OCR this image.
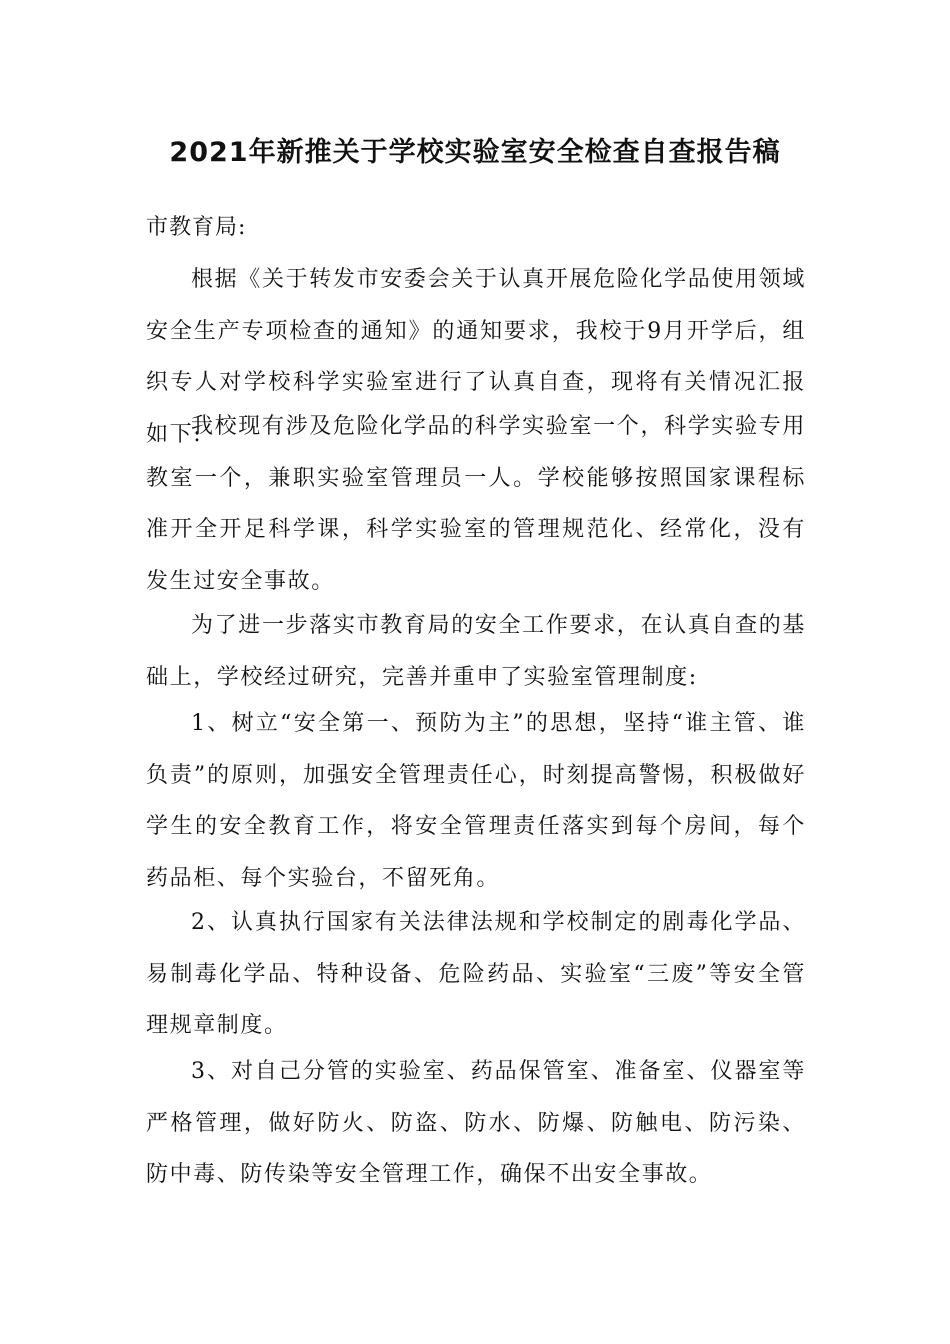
2021年新推关于学校实验室安全检查自查报告稿
市教育局:

根据《关于转发市安委会关于认真开展危险化学品使用领域安全生产专项检查的通知》的通知要求，我校于9月开学后，组织专人对学校科学实验室进行了认真自查，现将有关情况汇报如下:

我校现有涉及危险化学品的科学实验室一个，科学实验专用教室一个，兼职实验室管理员一人。学校能够按照国家课程标准开全开足科学课，科学实验室的管理规范化、经常化，没有发生过安全事故。

为了进一步落实市教育局的安全工作要求，在认真自查的基础上，学校经过研究，完善并重申了实验室管理制度:

1、树立“安全第一、预防为主”的思想，坚持“谁主管、谁负责”的原则，加强安全管理责任心，时刻提高警惕，积极做好学生的安全教育工作，将安全管理责任落实到每个房间，每个药品柜、每个实验台，不留死角。

2、认真执行国家有关法律法规和学校制定的剧毒化学品、易制毒化学品、特种设备、危险药品、实验室“三废”等安全管理规章制度。

3、对自己分管的实验室、药品保管室、准备室、仪器室等严格管理，做好防火、防盗、防水、防爆、防触电、防污染、防中毒、防传染等安全管理工作，确保不出安全事故。
